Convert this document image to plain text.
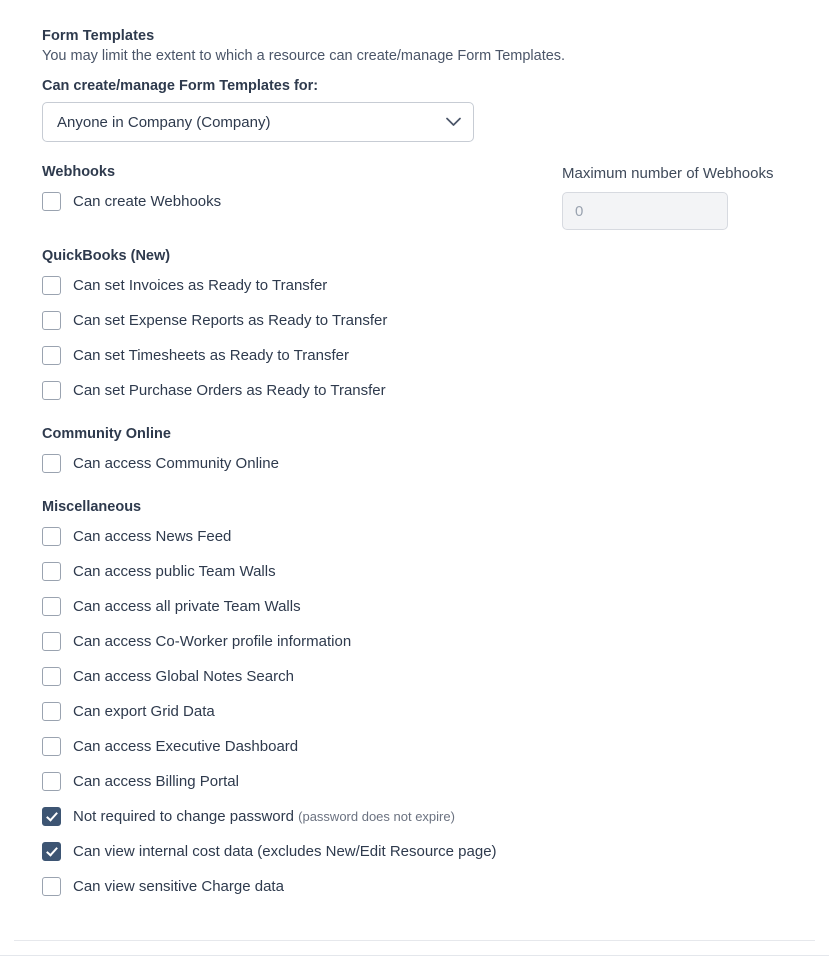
Form Templates
You may limit the extent to which a resource can create/manage Form Templates.
Can create/manage Form Templates for:
Anyone in Company (Company)
Webhooks
Can create Webhooks
Maximum number of Webhooks
0
QuickBooks (New)
Can set Invoices as Ready to Transfer
Can set Expense Reports as Ready to Transfer
Can set Timesheets as Ready to Transfer
Can set Purchase Orders as Ready to Transfer
Community Online
Can access Community Online
Miscellaneous
Can access News Feed
Can access public Team Walls
Can access all private Team Walls
Can access Co-Worker profile information
Can access Global Notes Search
Can export Grid Data
Can access Executive Dashboard
Can access Billing Portal
Not required to change password (password does not expire)
Can view internal cost data (excludes New/Edit Resource page)
Can view sensitive Charge data
